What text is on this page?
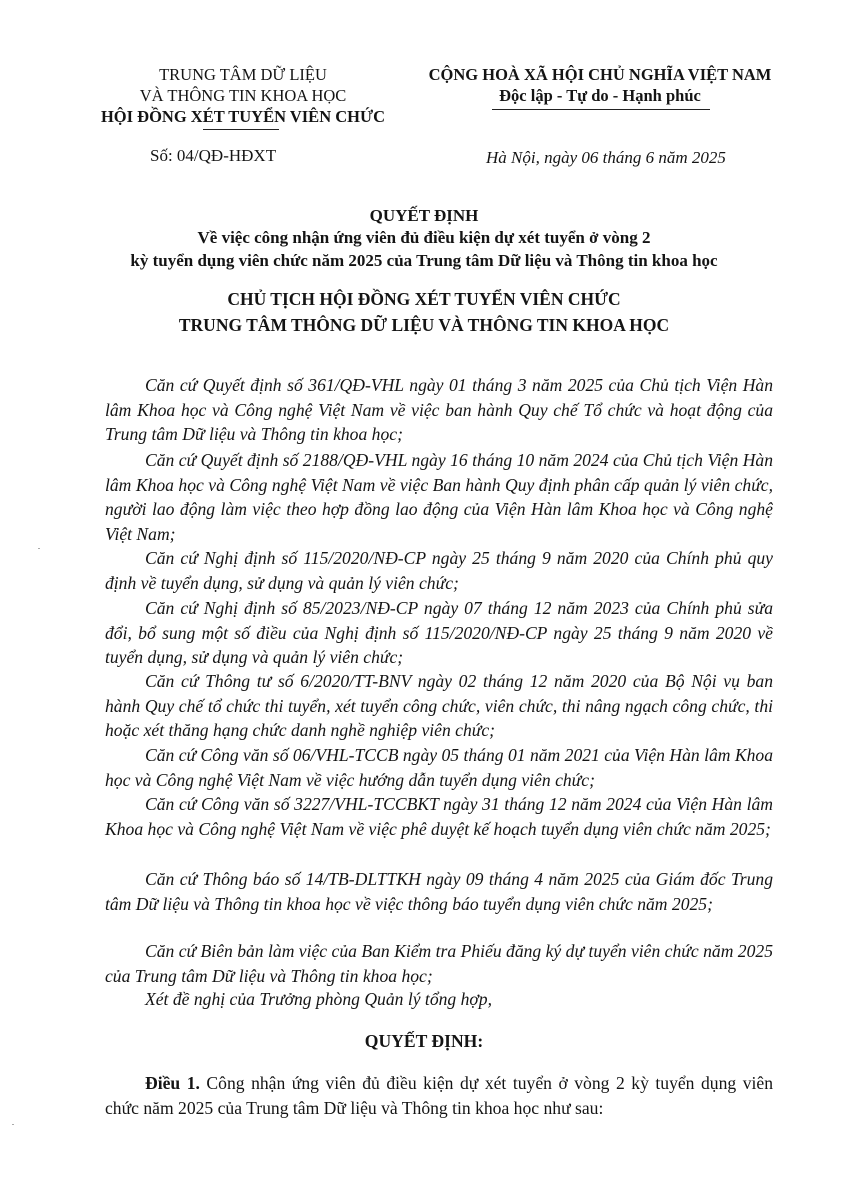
TRUNG TÂM DỮ LIỆU
VÀ THÔNG TIN KHOA HỌC
HỘI ĐỒNG XÉT TUYỂN VIÊN CHỨC
CỘNG HOÀ XÃ HỘI CHỦ NGHĨA VIỆT NAM
Độc lập - Tự do - Hạnh phúc
Số: 04/QĐ-HĐXT	Hà Nội, ngày 06 tháng 6 năm 2025
QUYẾT ĐỊNH
Về việc công nhận ứng viên đủ điều kiện dự xét tuyển ở vòng 2
kỳ tuyển dụng viên chức năm 2025 của Trung tâm Dữ liệu và Thông tin khoa học
CHỦ TỊCH HỘI ĐỒNG XÉT TUYỂN VIÊN CHỨC
TRUNG TÂM THÔNG DỮ LIỆU VÀ THÔNG TIN KHOA HỌC

Căn cứ Quyết định số 361/QĐ-VHL ngày 01 tháng 3 năm 2025 của Chủ tịch Viện Hàn lâm Khoa học và Công nghệ Việt Nam về việc ban hành Quy chế Tổ chức và hoạt động của Trung tâm Dữ liệu và Thông tin khoa học;

Căn cứ Quyết định số 2188/QĐ-VHL ngày 16 tháng 10 năm 2024 của Chủ tịch Viện Hàn lâm Khoa học và Công nghệ Việt Nam về việc Ban hành Quy định phân cấp quản lý viên chức, người lao động làm việc theo hợp đồng lao động của Viện Hàn lâm Khoa học và Công nghệ Việt Nam;

Căn cứ Nghị định số 115/2020/NĐ-CP ngày 25 tháng 9 năm 2020 của Chính phủ quy định về tuyển dụng, sử dụng và quản lý viên chức;

Căn cứ Nghị định số 85/2023/NĐ-CP ngày 07 tháng 12 năm 2023 của Chính phủ sửa đổi, bổ sung một số điều của Nghị định số 115/2020/NĐ-CP ngày 25 tháng 9 năm 2020 về tuyển dụng, sử dụng và quản lý viên chức;

Căn cứ Thông tư số 6/2020/TT-BNV ngày 02 tháng 12 năm 2020 của Bộ Nội vụ ban hành Quy chế tổ chức thi tuyển, xét tuyển công chức, viên chức, thi nâng ngạch công chức, thi hoặc xét thăng hạng chức danh nghề nghiệp viên chức;

Căn cứ Công văn số 06/VHL-TCCB ngày 05 tháng 01 năm 2021 của Viện Hàn lâm Khoa học và Công nghệ Việt Nam về việc hướng dẫn tuyển dụng viên chức;

Căn cứ Công văn số 3227/VHL-TCCBKT ngày 31 tháng 12 năm 2024 của Viện Hàn lâm Khoa học và Công nghệ Việt Nam về việc phê duyệt kế hoạch tuyển dụng viên chức năm 2025;

Căn cứ Thông báo số 14/TB-DLTTKH ngày 09 tháng 4 năm 2025 của Giám đốc Trung tâm Dữ liệu và Thông tin khoa học về việc thông báo tuyển dụng viên chức năm 2025;

Căn cứ Biên bản làm việc của Ban Kiểm tra Phiếu đăng ký dự tuyển viên chức năm 2025 của Trung tâm Dữ liệu và Thông tin khoa học;

Xét đề nghị của Trưởng phòng Quản lý tổng hợp,

QUYẾT ĐỊNH:

Điều 1. Công nhận ứng viên đủ điều kiện dự xét tuyển ở vòng 2 kỳ tuyển dụng viên chức năm 2025 của Trung tâm Dữ liệu và Thông tin khoa học như sau:
